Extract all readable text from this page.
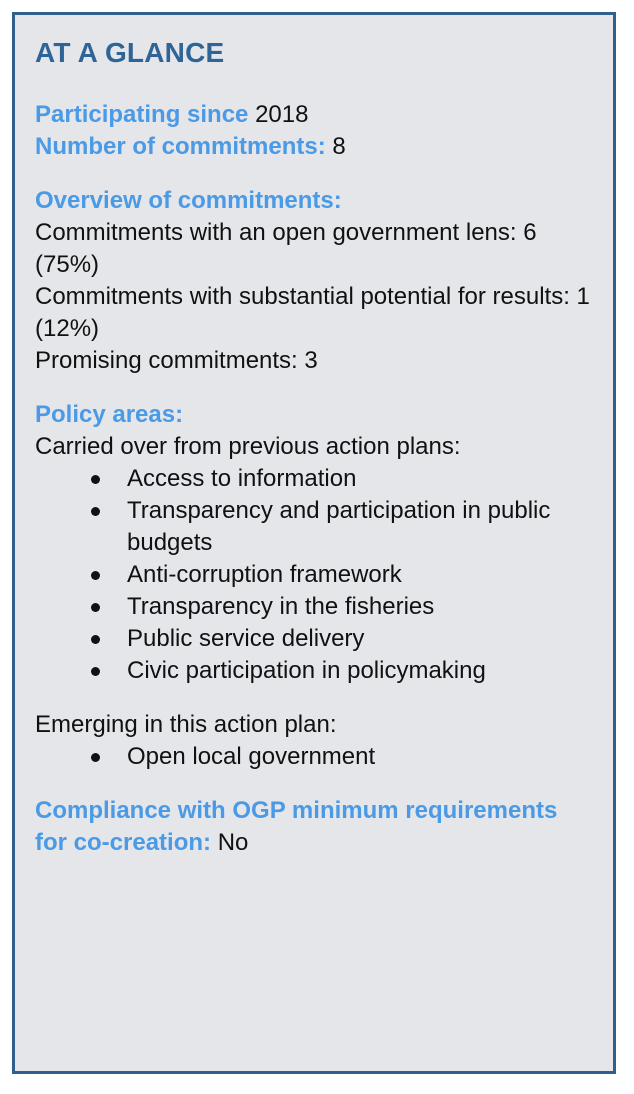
AT A GLANCE

Participating since 2018

Number of commitments: 8

Overview of commitments:

Commitments with an open government lens: 6 (75%)

Commitments with substantial potential for results: 1 (12%)

Promising commitments: 3

Policy areas:

Carried over from previous action plans:

Access to information
Transparency and participation in public budgets
Anti-corruption framework
Transparency in the fisheries
Public service delivery
Civic participation in policymaking

Emerging in this action plan:

Open local government

Compliance with OGP minimum requirements for co-creation: No
